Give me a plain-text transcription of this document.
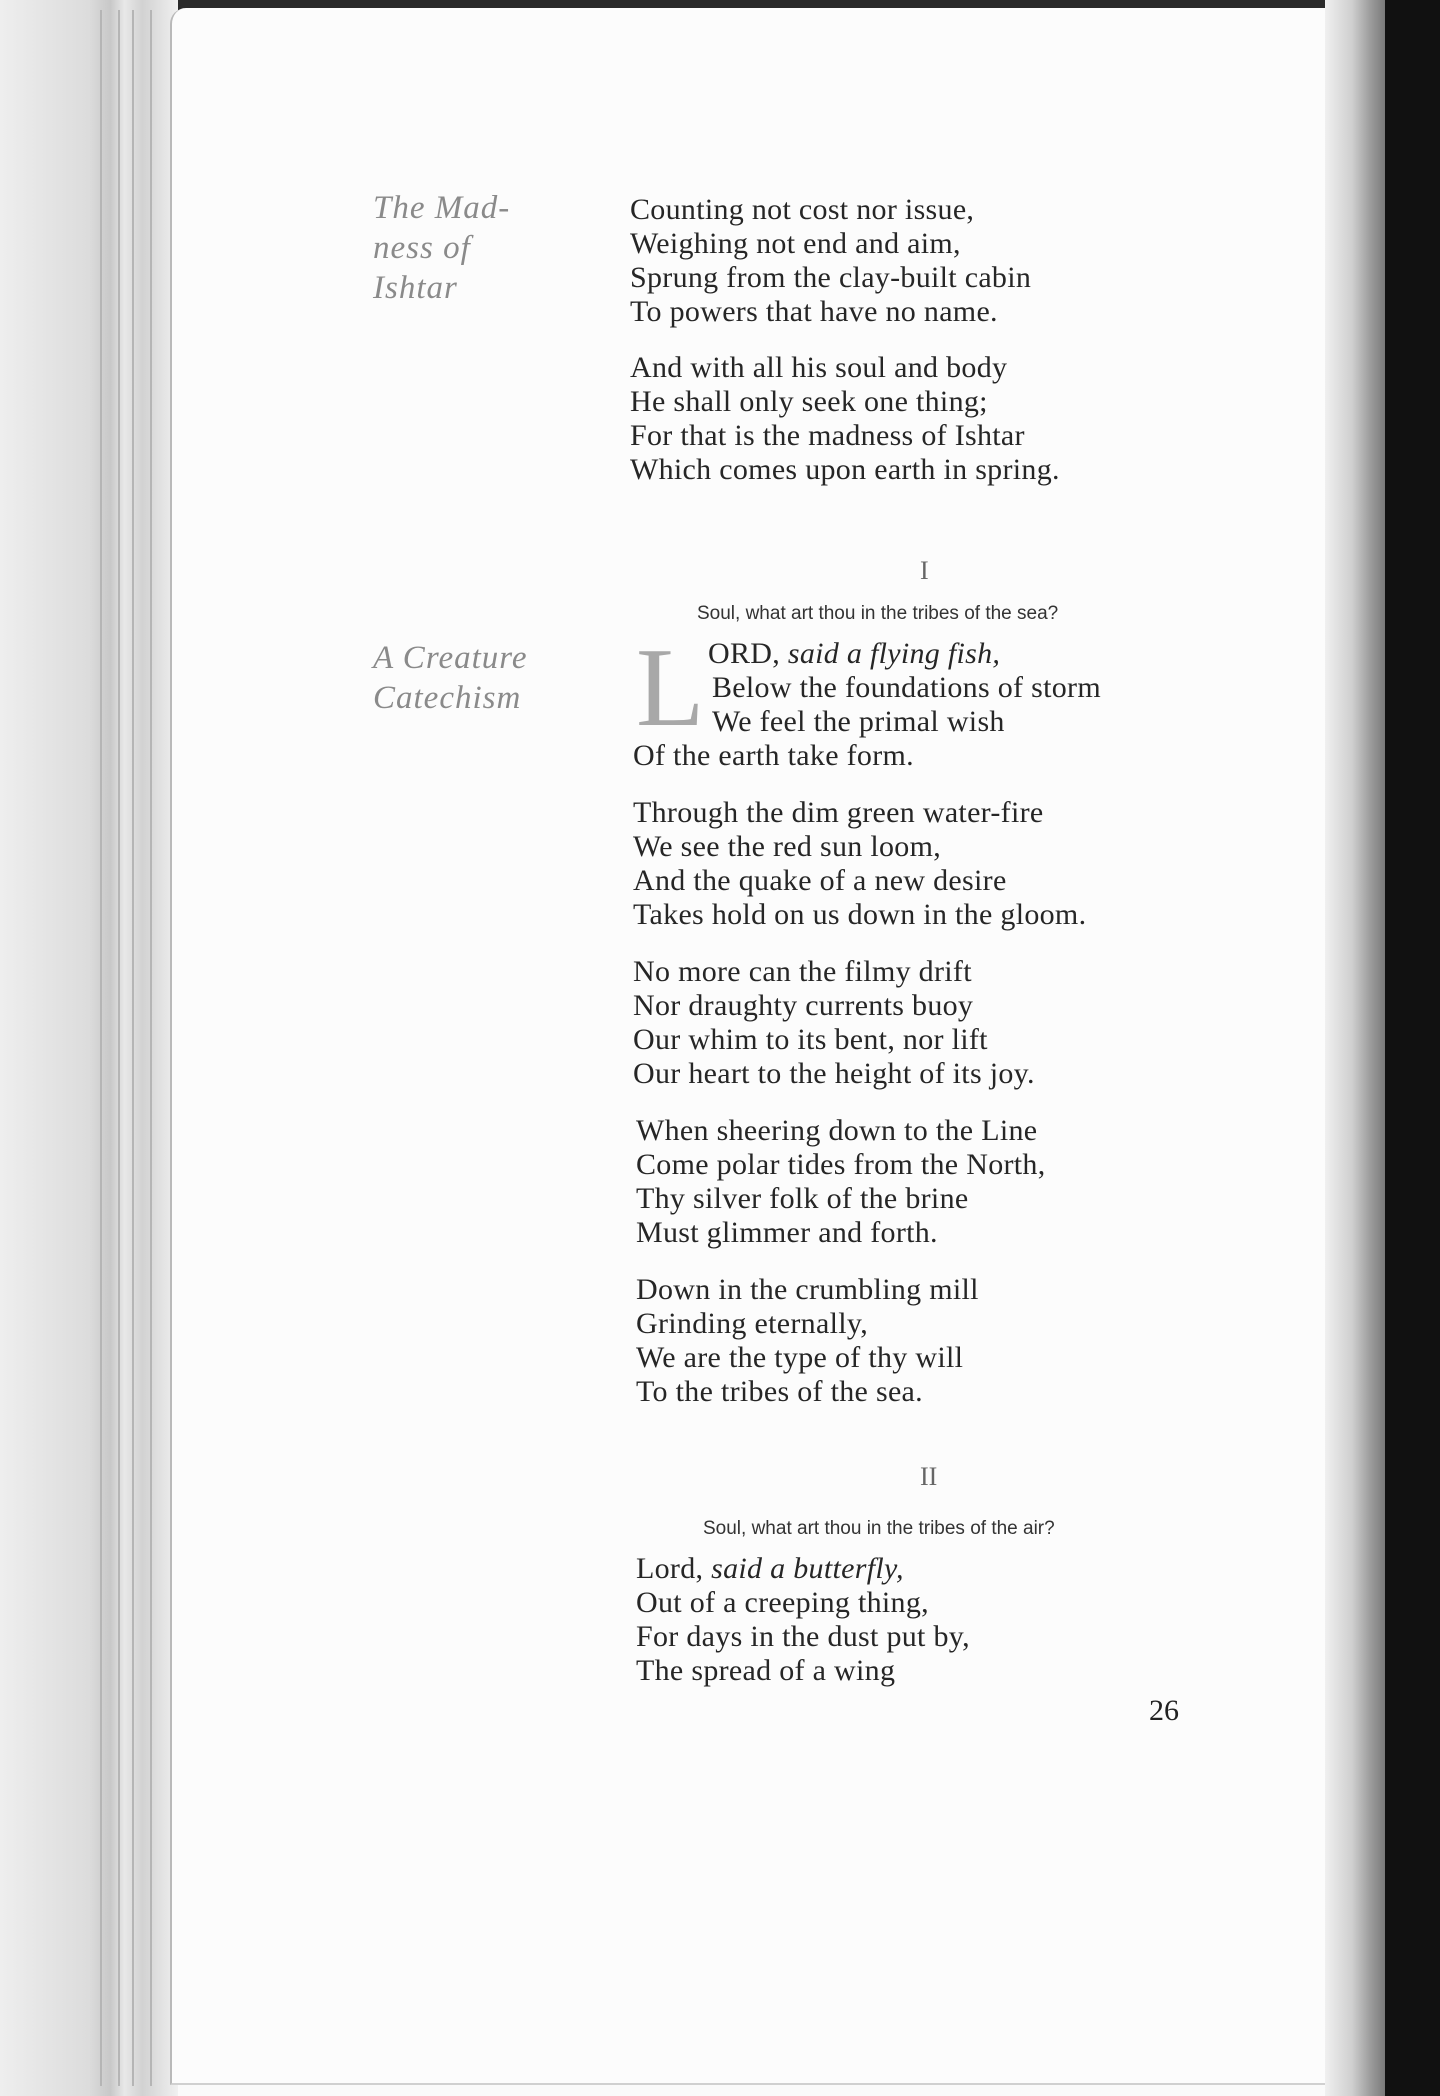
The Mad-
ness of
Ishtar
Counting not cost nor issue,
Weighing not end and aim,
Sprung from the clay-built cabin
To powers that have no name.
And with all his soul and body
He shall only seek one thing;
For that is the madness of Ishtar
Which comes upon earth in spring.
I
Soul, what art thou in the tribes of the sea?
A Creature
Catechism L ORD, said a flying fish,
Below the foundations of storm
We feel the primal wish
Of the earth take form.
Through the dim green water-fire
We see the red sun loom,
And the quake of a new desire
Takes hold on us down in the gloom.
No more can the filmy drift
Nor draughty currents buoy
Our whim to its bent, nor lift
Our heart to the height of its joy.
When sheering down to the Line
Come polar tides from the North,
Thy silver folk of the brine
Must glimmer and forth.
Down in the crumbling mill
Grinding eternally,
We are the type of thy will
To the tribes of the sea.
II
Soul, what art thou in the tribes of the air?
Lord, said a butterfly,
Out of a creeping thing,
For days in the dust put by,
The spread of a wing
26
